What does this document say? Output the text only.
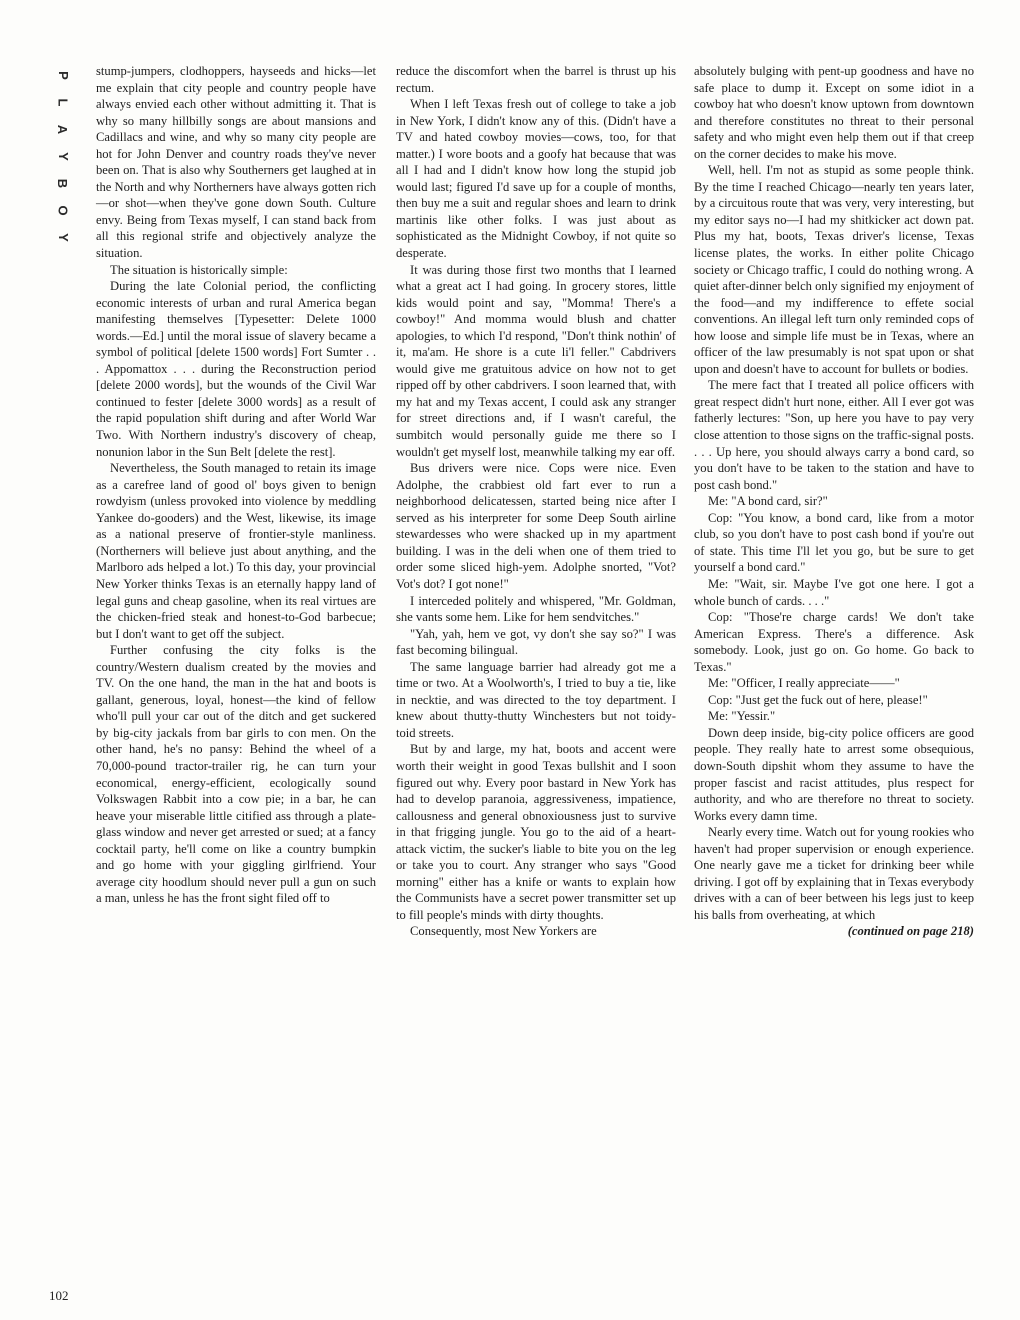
P
L
A
Y
B
O
Y

stump-jumpers, clodhoppers, hayseeds and hicks—let me explain that city people and country people have always envied each other without admitting it. That is why so many hillbilly songs are about mansions and Cadillacs and wine, and why so many city people are hot for John Denver and country roads they've never been on. That is also why Southerners get laughed at in the North and why Northerners have always gotten rich—or shot—when they've gone down South. Culture envy. Being from Texas myself, I can stand back from all this regional strife and objectively analyze the situation.

The situation is historically simple:

During the late Colonial period, the conflicting economic interests of urban and rural America began manifesting themselves [Typesetter: Delete 1000 words.—Ed.] until the moral issue of slavery became a symbol of political [delete 1500 words] Fort Sumter . . . Appomattox . . . during the Reconstruction period [delete 2000 words], but the wounds of the Civil War continued to fester [delete 3000 words] as a result of the rapid population shift during and after World War Two. With Northern industry's discovery of cheap, nonunion labor in the Sun Belt [delete the rest].

Nevertheless, the South managed to retain its image as a carefree land of good ol' boys given to benign rowdyism (unless provoked into violence by meddling Yankee do-gooders) and the West, likewise, its image as a national preserve of frontier-style manliness. (Northerners will believe just about anything, and the Marlboro ads helped a lot.) To this day, your provincial New Yorker thinks Texas is an eternally happy land of legal guns and cheap gasoline, when its real virtues are the chicken-fried steak and honest-to-God barbecue; but I don't want to get off the subject.

Further confusing the city folks is the country/Western dualism created by the movies and TV. On the one hand, the man in the hat and boots is gallant, generous, loyal, honest—the kind of fellow who'll pull your car out of the ditch and get suckered by big-city jackals from bar girls to con men. On the other hand, he's no pansy: Behind the wheel of a 70,000-pound tractor-trailer rig, he can turn your economical, energy-efficient, ecologically sound Volkswagen Rabbit into a cow pie; in a bar, he can heave your miserable little citified ass through a plate-glass window and never get arrested or sued; at a fancy cocktail party, he'll come on like a country bumpkin and go home with your giggling girlfriend. Your average city hoodlum should never pull a gun on such a man, unless he has the front sight filed off to

reduce the discomfort when the barrel is thrust up his rectum.

When I left Texas fresh out of college to take a job in New York, I didn't know any of this. (Didn't have a TV and hated cowboy movies—cows, too, for that matter.) I wore boots and a goofy hat because that was all I had and I didn't know how long the stupid job would last; figured I'd save up for a couple of months, then buy me a suit and regular shoes and learn to drink martinis like other folks. I was just about as sophisticated as the Midnight Cowboy, if not quite so desperate.

It was during those first two months that I learned what a great act I had going. In grocery stores, little kids would point and say, "Momma! There's a cowboy!" And momma would blush and chatter apologies, to which I'd respond, "Don't think nothin' of it, ma'am. He shore is a cute li'l feller." Cabdrivers would give me gratuitous advice on how not to get ripped off by other cabdrivers. I soon learned that, with my hat and my Texas accent, I could ask any stranger for street directions and, if I wasn't careful, the sumbitch would personally guide me there so I wouldn't get myself lost, meanwhile talking my ear off.

Bus drivers were nice. Cops were nice. Even Adolphe, the crabbiest old fart ever to run a neighborhood delicatessen, started being nice after I served as his interpreter for some Deep South airline stewardesses who were shacked up in my apartment building. I was in the deli when one of them tried to order some sliced high-yem. Adolphe snorted, "Vot? Vot's dot? I got none!"

I interceded politely and whispered, "Mr. Goldman, she vants some hem. Like for hem sendvitches."

"Yah, yah, hem ve got, vy don't she say so?" I was fast becoming bilingual.

The same language barrier had already got me a time or two. At a Woolworth's, I tried to buy a tie, like in necktie, and was directed to the toy department. I knew about thutty-thutty Winchesters but not toidy-toid streets.

But by and large, my hat, boots and accent were worth their weight in good Texas bullshit and I soon figured out why. Every poor bastard in New York has had to develop paranoia, aggressiveness, impatience, callousness and general obnoxiousness just to survive in that frigging jungle. You go to the aid of a heart-attack victim, the sucker's liable to bite you on the leg or take you to court. Any stranger who says "Good morning" either has a knife or wants to explain how the Communists have a secret power transmitter set up to fill people's minds with dirty thoughts.

Consequently, most New Yorkers are

absolutely bulging with pent-up goodness and have no safe place to dump it. Except on some idiot in a cowboy hat who doesn't know uptown from downtown and therefore constitutes no threat to their personal safety and who might even help them out if that creep on the corner decides to make his move.

Well, hell. I'm not as stupid as some people think. By the time I reached Chicago—nearly ten years later, by a circuitous route that was very, very interesting, but my editor says no—I had my shitkicker act down pat. Plus my hat, boots, Texas driver's license, Texas license plates, the works. In either polite Chicago society or Chicago traffic, I could do nothing wrong. A quiet after-dinner belch only signified my enjoyment of the food—and my indifference to effete social conventions. An illegal left turn only reminded cops of how loose and simple life must be in Texas, where an officer of the law presumably is not spat upon or shat upon and doesn't have to account for bullets or bodies.

The mere fact that I treated all police officers with great respect didn't hurt none, either. All I ever got was fatherly lectures: "Son, up here you have to pay very close attention to those signs on the traffic-signal posts. . . . Up here, you should always carry a bond card, so you don't have to be taken to the station and have to post cash bond."

Me: "A bond card, sir?"

Cop: "You know, a bond card, like from a motor club, so you don't have to post cash bond if you're out of state. This time I'll let you go, but be sure to get yourself a bond card."

Me: "Wait, sir. Maybe I've got one here. I got a whole bunch of cards. . . ."

Cop: "Those're charge cards! We don't take American Express. There's a difference. Ask somebody. Look, just go on. Go home. Go back to Texas."

Me: "Officer, I really appreciate——"

Cop: "Just get the fuck out of here, please!"

Me: "Yessir."

Down deep inside, big-city police officers are good people. They really hate to arrest some obsequious, down-South dipshit whom they assume to have the proper fascist and racist attitudes, plus respect for authority, and who are therefore no threat to society. Works every damn time.

Nearly every time. Watch out for young rookies who haven't had proper supervision or enough experience. One nearly gave me a ticket for drinking beer while driving. I got off by explaining that in Texas everybody drives with a can of beer between his legs just to keep his balls from overheating, at which

(continued on page 218)

102
